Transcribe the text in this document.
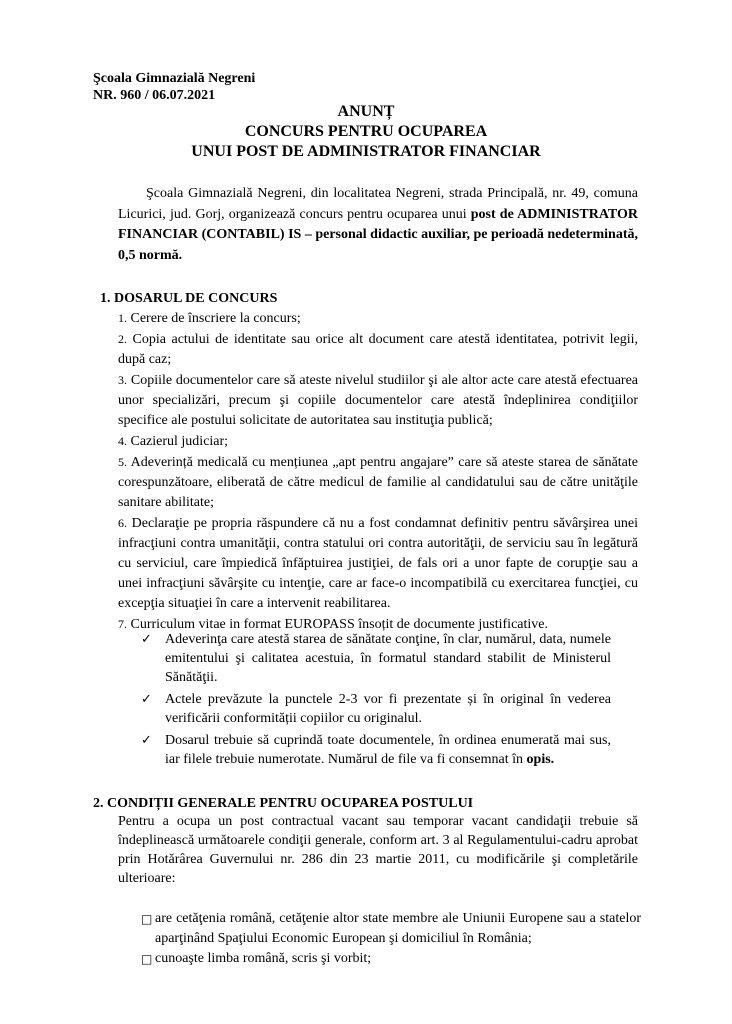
Şcoala Gimnazială Negreni
NR. 960 / 06.07.2021
ANUNȚ
CONCURS PENTRU OCUPAREA
UNUI POST DE ADMINISTRATOR FINANCIAR
Şcoala Gimnazială Negreni, din localitatea Negreni, strada Principală, nr. 49, comuna Licurici, jud. Gorj, organizează concurs pentru ocuparea unui post de ADMINISTRATOR FINANCIAR (CONTABIL) IS – personal didactic auxiliar, pe perioadă nedeterminată, 0,5 normă.
1. DOSARUL DE CONCURS
1. Cerere de înscriere la concurs;
2. Copia actului de identitate sau orice alt document care atestă identitatea, potrivit legii, după caz;
3. Copiile documentelor care să ateste nivelul studiilor şi ale altor acte care atestă efectuarea unor specializări, precum şi copiile documentelor care atestă îndeplinirea condiţiilor specifice ale postului solicitate de autoritatea sau instituţia publică;
4. Cazierul judiciar;
5. Adeverință medicală cu mențiunea „apt pentru angajare” care să ateste starea de sănătate corespunzătoare, eliberată de către medicul de familie al candidatului sau de către unităţile sanitare abilitate;
6. Declaraţie pe propria răspundere că nu a fost condamnat definitiv pentru săvârşirea unei infracţiuni contra umanităţii, contra statului ori contra autorităţii, de serviciu sau în legătură cu serviciul, care împiedică înfăptuirea justiţiei, de fals ori a unor fapte de corupţie sau a unei infracţiuni săvârşite cu intenţie, care ar face-o incompatibilă cu exercitarea funcţiei, cu excepţia situaţiei în care a intervenit reabilitarea.
7. Curriculum vitae in format EUROPASS însoțit de documente justificative.
✓ Adeverinţa care atestă starea de sănătate conţine, în clar, numărul, data, numele emitentului şi calitatea acestuia, în formatul standard stabilit de Ministerul Sănătăţii.
✓ Actele prevăzute la punctele 2-3 vor fi prezentate și în original în vederea verificării conformității copiilor cu originalul.
✓ Dosarul trebuie să cuprindă toate documentele, în ordinea enumerată mai sus, iar filele trebuie numerotate. Numărul de file va fi consemnat în opis.
2. CONDIȚII GENERALE PENTRU OCUPAREA POSTULUI
Pentru a ocupa un post contractual vacant sau temporar vacant candidaţii trebuie să îndeplinească următoarele condiţii generale, conform art. 3 al Regulamentului-cadru aprobat prin Hotărârea Guvernului nr. 286 din 23 martie 2011, cu modificările şi completările ulterioare:
□ are cetăţenia română, cetăţenie altor state membre ale Uniunii Europene sau a statelor aparţinând Spaţiului Economic European şi domiciliul în România;
□ cunoaşte limba română, scris şi vorbit;
